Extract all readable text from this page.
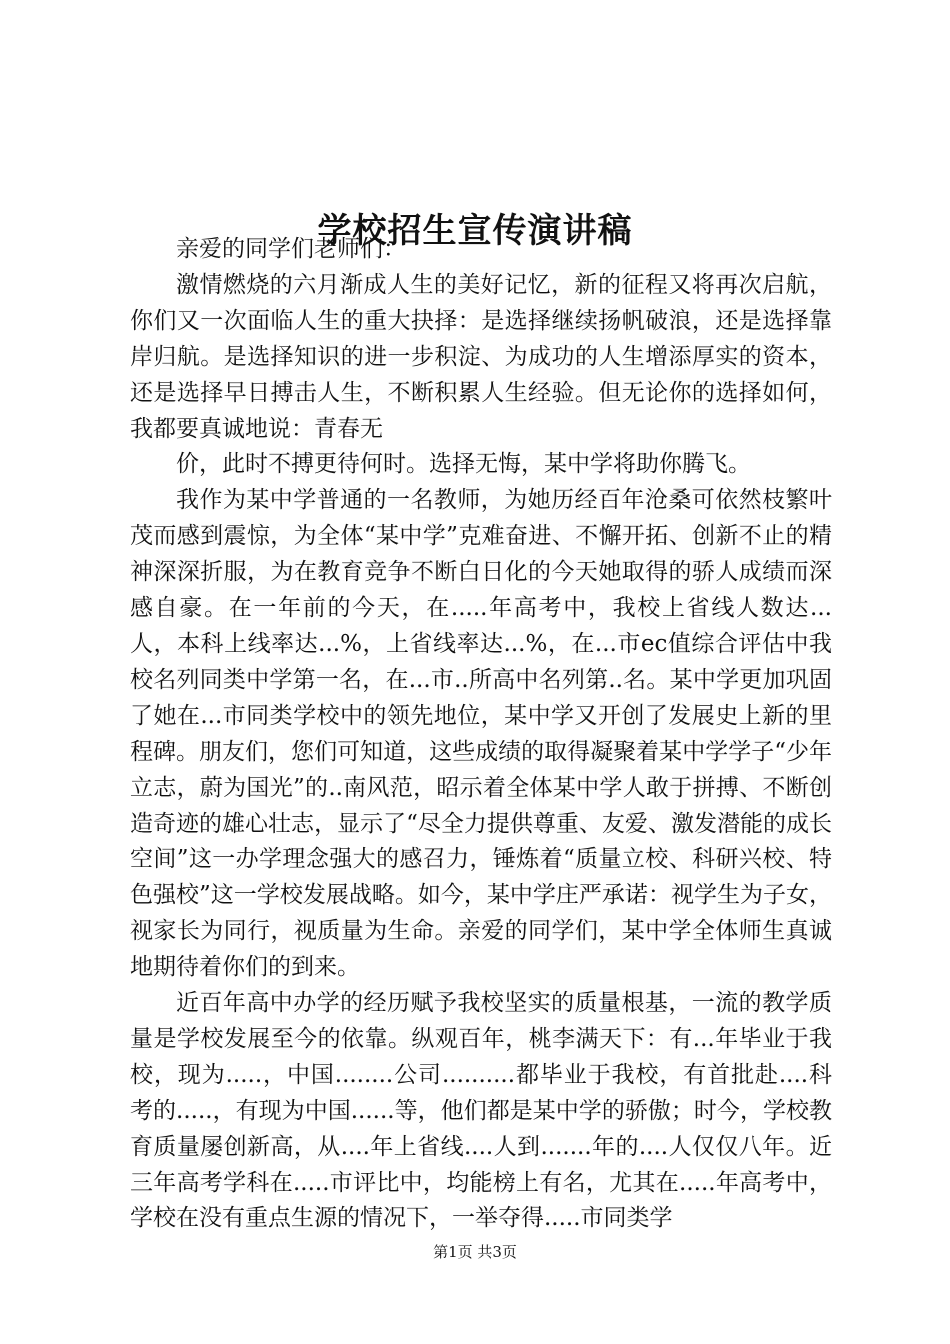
学校招生宣传演讲稿

亲爱的同学们老师们：

激情燃烧的六月渐成人生的美好记忆，新的征程又将再次启航，你们又一次面临人生的重大抉择：是选择继续扬帆破浪，还是选择靠岸归航。是选择知识的进一步积淀、为成功的人生增添厚实的资本，还是选择早日搏击人生，不断积累人生经验。但无论你的选择如何，我都要真诚地说：青春无

价，此时不搏更待何时。选择无悔，某中学将助你腾飞。

我作为某中学普通的一名教师，为她历经百年沧桑可依然枝繁叶茂而感到震惊，为全体“某中学”克难奋进、不懈开拓、创新不止的精神深深折服，为在教育竞争不断白日化的今天她取得的骄人成绩而深感自豪。在一年前的今天，在.....年高考中，我校上省线人数达...人，本科上线率达...%，上省线率达...%，在...市ec值综合评估中我校名列同类中学第一名，在...市..所高中名列第..名。某中学更加巩固了她在...市同类学校中的领先地位，某中学又开创了发展史上新的里程碑。朋友们，您们可知道，这些成绩的取得凝聚着某中学学子“少年立志，蔚为国光”的..南风范，昭示着全体某中学人敢于拼搏、不断创造奇迹的雄心壮志，显示了“尽全力提供尊重、友爱、激发潜能的成长空间”这一办学理念强大的感召力，锤炼着“质量立校、科研兴校、特色强校”这一学校发展战略。如今，某中学庄严承诺：视学生为子女，视家长为同行，视质量为生命。亲爱的同学们，某中学全体师生真诚地期待着你们的到来。

近百年高中办学的经历赋予我校坚实的质量根基，一流的教学质量是学校发展至今的依靠。纵观百年，桃李满天下：有...年毕业于我校，现为.....，中国........公司..........都毕业于我校，有首批赴....科考的.....，有现为中国......等，他们都是某中学的骄傲；时今，学校教育质量屡创新高，从....年上省线....人到.......年的....人仅仅八年。近三年高考学科在.....市评比中，均能榜上有名，尤其在.....年高考中，学校在没有重点生源的情况下，一举夺得.....市同类学

第1页 共3页
